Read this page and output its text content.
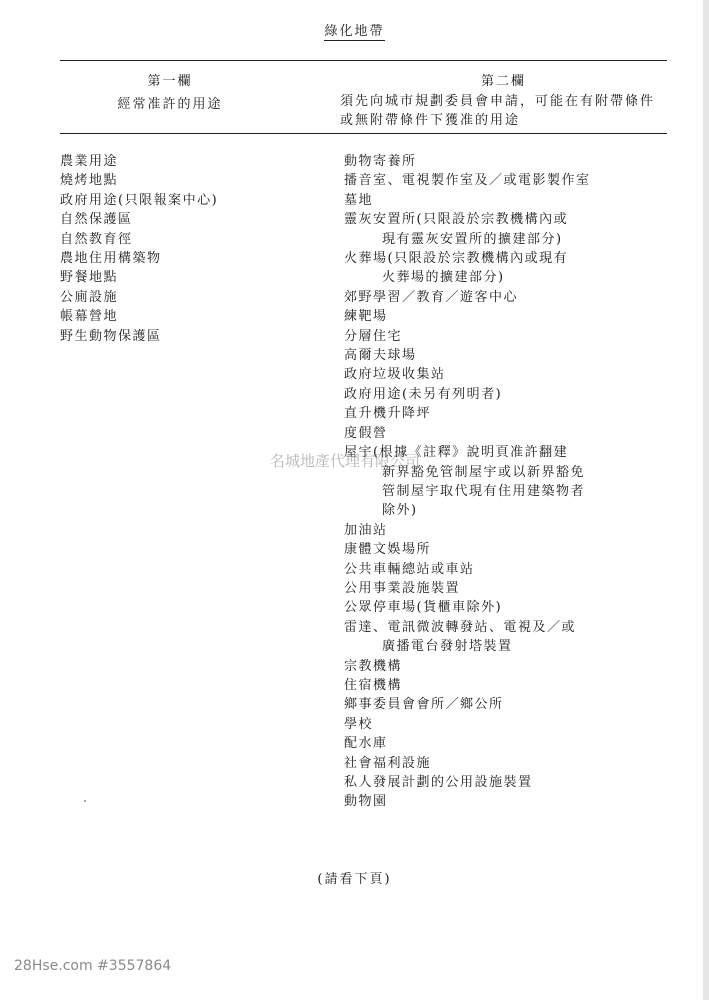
綠化地帶
第一欄
經常准許的用途
第二欄
須先向城市規劃委員會申請，可能在有附帶條件或無附帶條件下獲准的用途
農業用途
燒烤地點
政府用途(只限報案中心)
自然保護區
自然教育徑
農地住用構築物
野餐地點
公廁設施
帳幕營地
野生動物保護區
動物寄養所
播音室、電視製作室及／或電影製作室
墓地
靈灰安置所(只限設於宗教機構內或
現有靈灰安置所的擴建部分)
火葬場(只限設於宗教機構內或現有
火葬場的擴建部分)
郊野學習／教育／遊客中心
練靶場
分層住宅
高爾夫球場
政府垃圾收集站
政府用途(未另有列明者)
直升機升降坪
度假營
屋宇(根據《註釋》說明頁准許翻建
新界豁免管制屋宇或以新界豁免
管制屋宇取代現有住用建築物者
除外)
加油站
康體文娛場所
公共車輛總站或車站
公用事業設施裝置
公眾停車場(貨櫃車除外)
雷達、電訊微波轉發站、電視及／或
廣播電台發射塔裝置
宗教機構
住宿機構
鄉事委員會會所／鄉公所
學校
配水庫
社會福利設施
私人發展計劃的公用設施裝置
動物園
名城地產代理有限公司
(請看下頁)
28Hse.com #3557864
